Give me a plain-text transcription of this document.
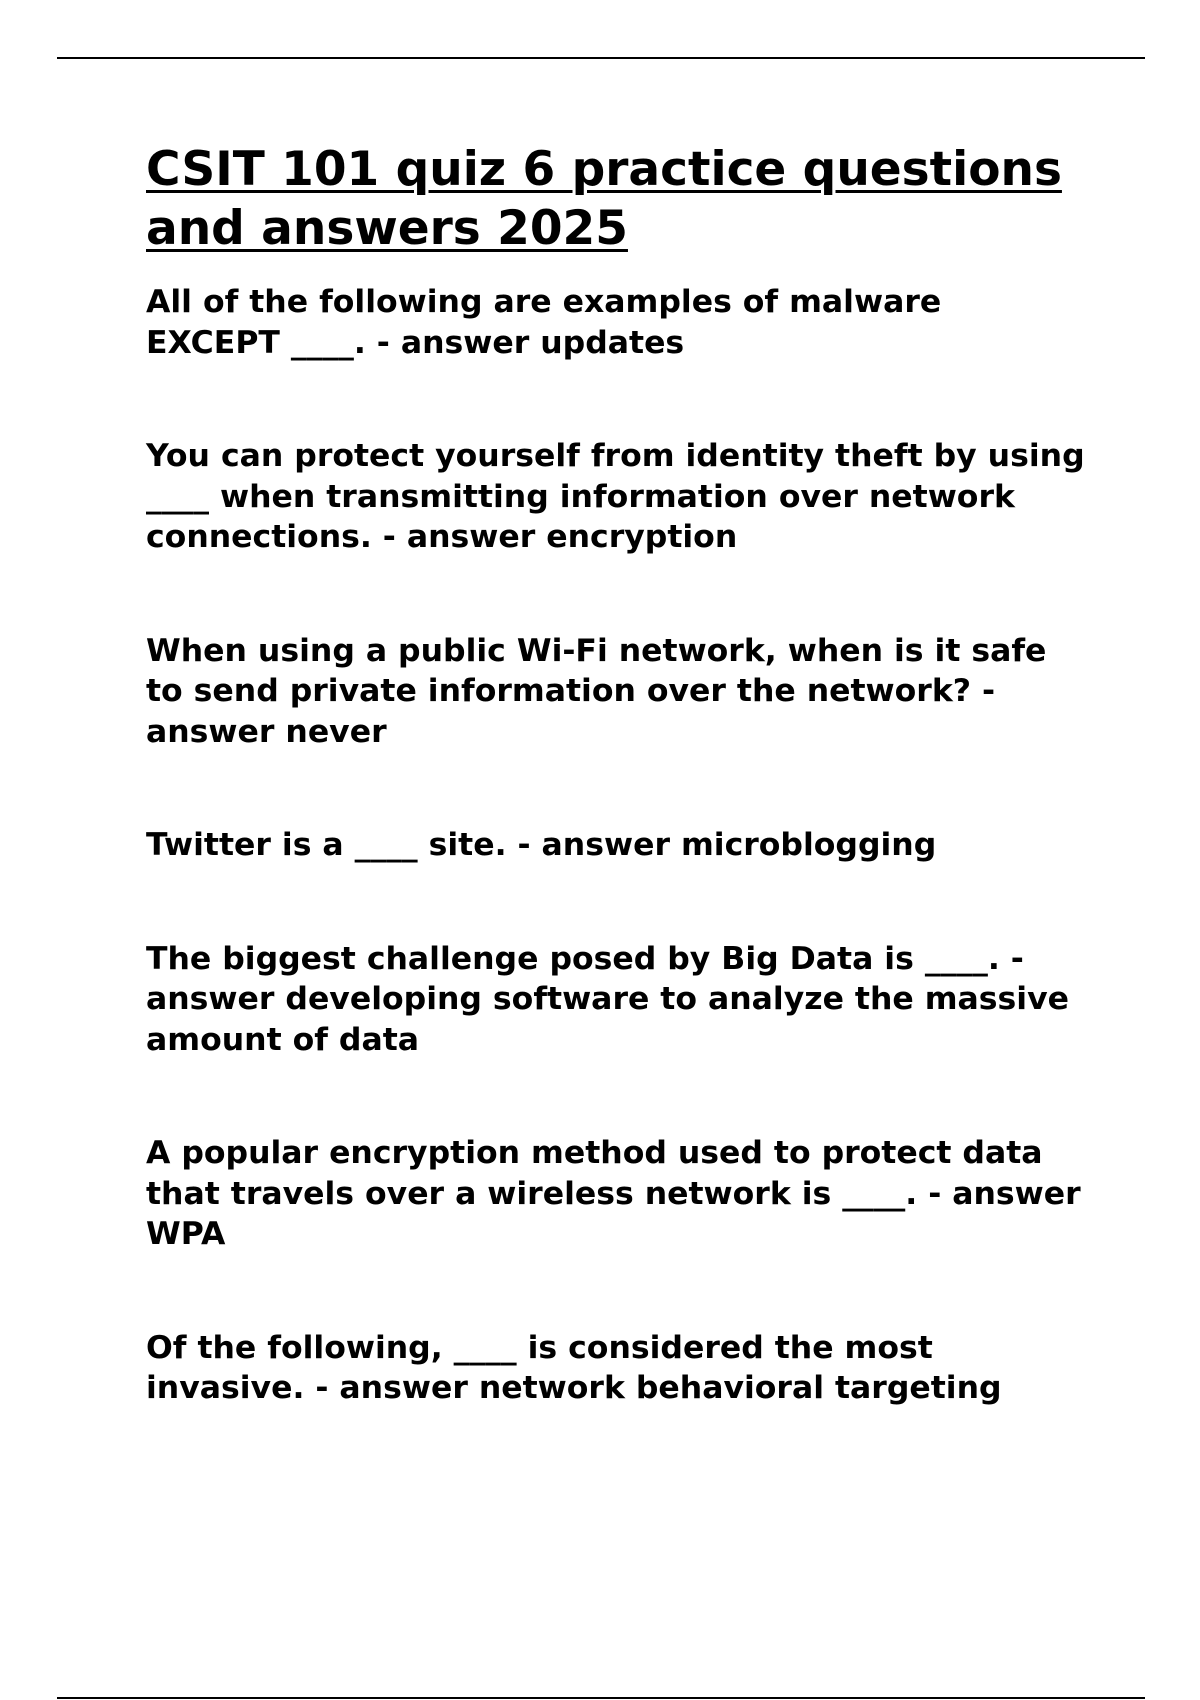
CSIT 101 quiz 6 practice questions and answers 2025

All of the following are examples of malware EXCEPT ____. - answer updates

You can protect yourself from identity theft by using ____ when transmitting information over network connections. - answer encryption

When using a public Wi-Fi network, when is it safe to send private information over the network? - answer never

Twitter is a ____ site. - answer microblogging

The biggest challenge posed by Big Data is ____. - answer developing software to analyze the massive amount of data

A popular encryption method used to protect data that travels over a wireless network is ____. - answer WPA

Of the following, ____ is considered the most invasive. - answer network behavioral targeting
